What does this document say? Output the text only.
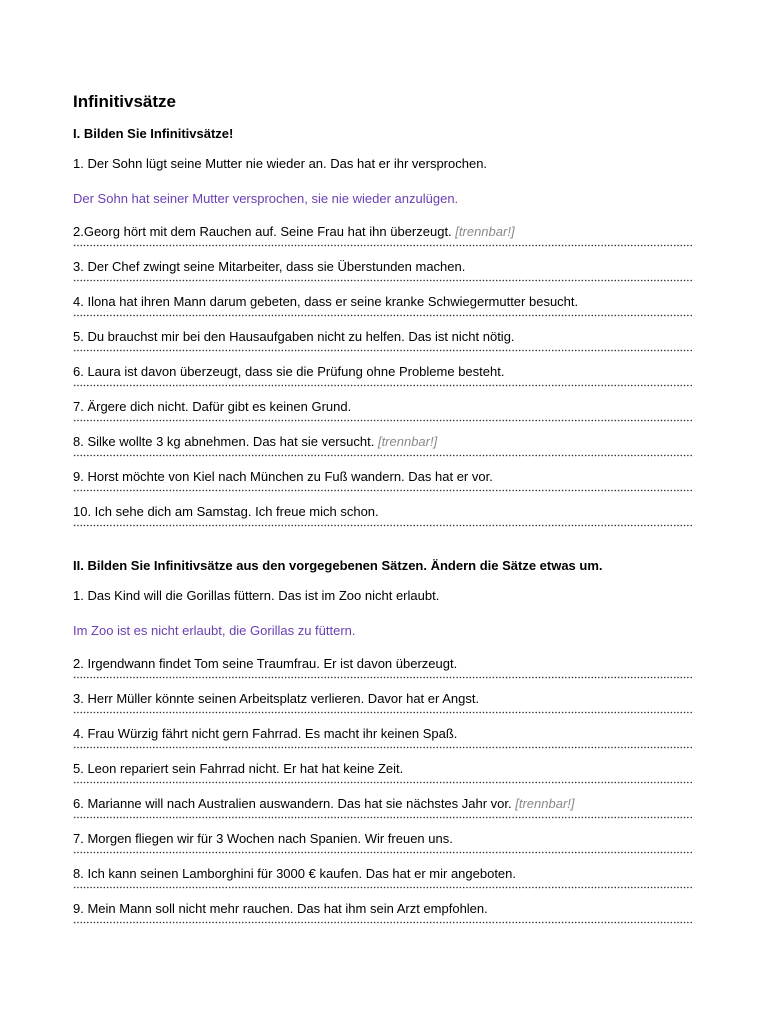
Infinitivsätze

I. Bilden Sie Infinitivsätze!

1. Der Sohn lügt seine Mutter nie wieder an. Das hat er ihr versprochen.

Der Sohn hat seiner Mutter versprochen, sie nie wieder anzulügen.

2.Georg hört mit dem Rauchen auf. Seine Frau hat ihn überzeugt. [trennbar!]

3. Der Chef zwingt seine Mitarbeiter, dass sie Überstunden machen.

4. Ilona hat ihren Mann darum gebeten, dass er seine kranke Schwiegermutter besucht.

5. Du brauchst mir bei den Hausaufgaben nicht zu helfen. Das ist nicht nötig.

6. Laura ist davon überzeugt, dass sie die Prüfung ohne Probleme besteht.

7. Ärgere dich nicht. Dafür gibt es keinen Grund.

8. Silke wollte 3 kg abnehmen. Das hat sie versucht. [trennbar!]

9. Horst möchte von Kiel nach München zu Fuß wandern. Das hat er vor.

10. Ich sehe dich am Samstag. Ich freue mich schon.

II. Bilden Sie Infinitivsätze aus den vorgegebenen Sätzen. Ändern die Sätze etwas um.

1. Das Kind will die Gorillas füttern. Das ist im Zoo nicht erlaubt.

Im Zoo ist es nicht erlaubt, die Gorillas zu füttern.

2. Irgendwann findet Tom seine Traumfrau. Er ist davon überzeugt.

3. Herr Müller könnte seinen Arbeitsplatz verlieren. Davor hat er Angst.

4. Frau Würzig fährt nicht gern Fahrrad. Es macht ihr keinen Spaß.

5. Leon repariert sein Fahrrad nicht. Er hat hat keine Zeit.

6. Marianne will nach Australien auswandern. Das hat sie nächstes Jahr vor. [trennbar!]

7. Morgen fliegen wir für 3 Wochen nach Spanien. Wir freuen uns.

8. Ich kann seinen Lamborghini für 3000 € kaufen. Das hat er mir angeboten.

9. Mein Mann soll nicht mehr rauchen. Das hat ihm sein Arzt empfohlen.
